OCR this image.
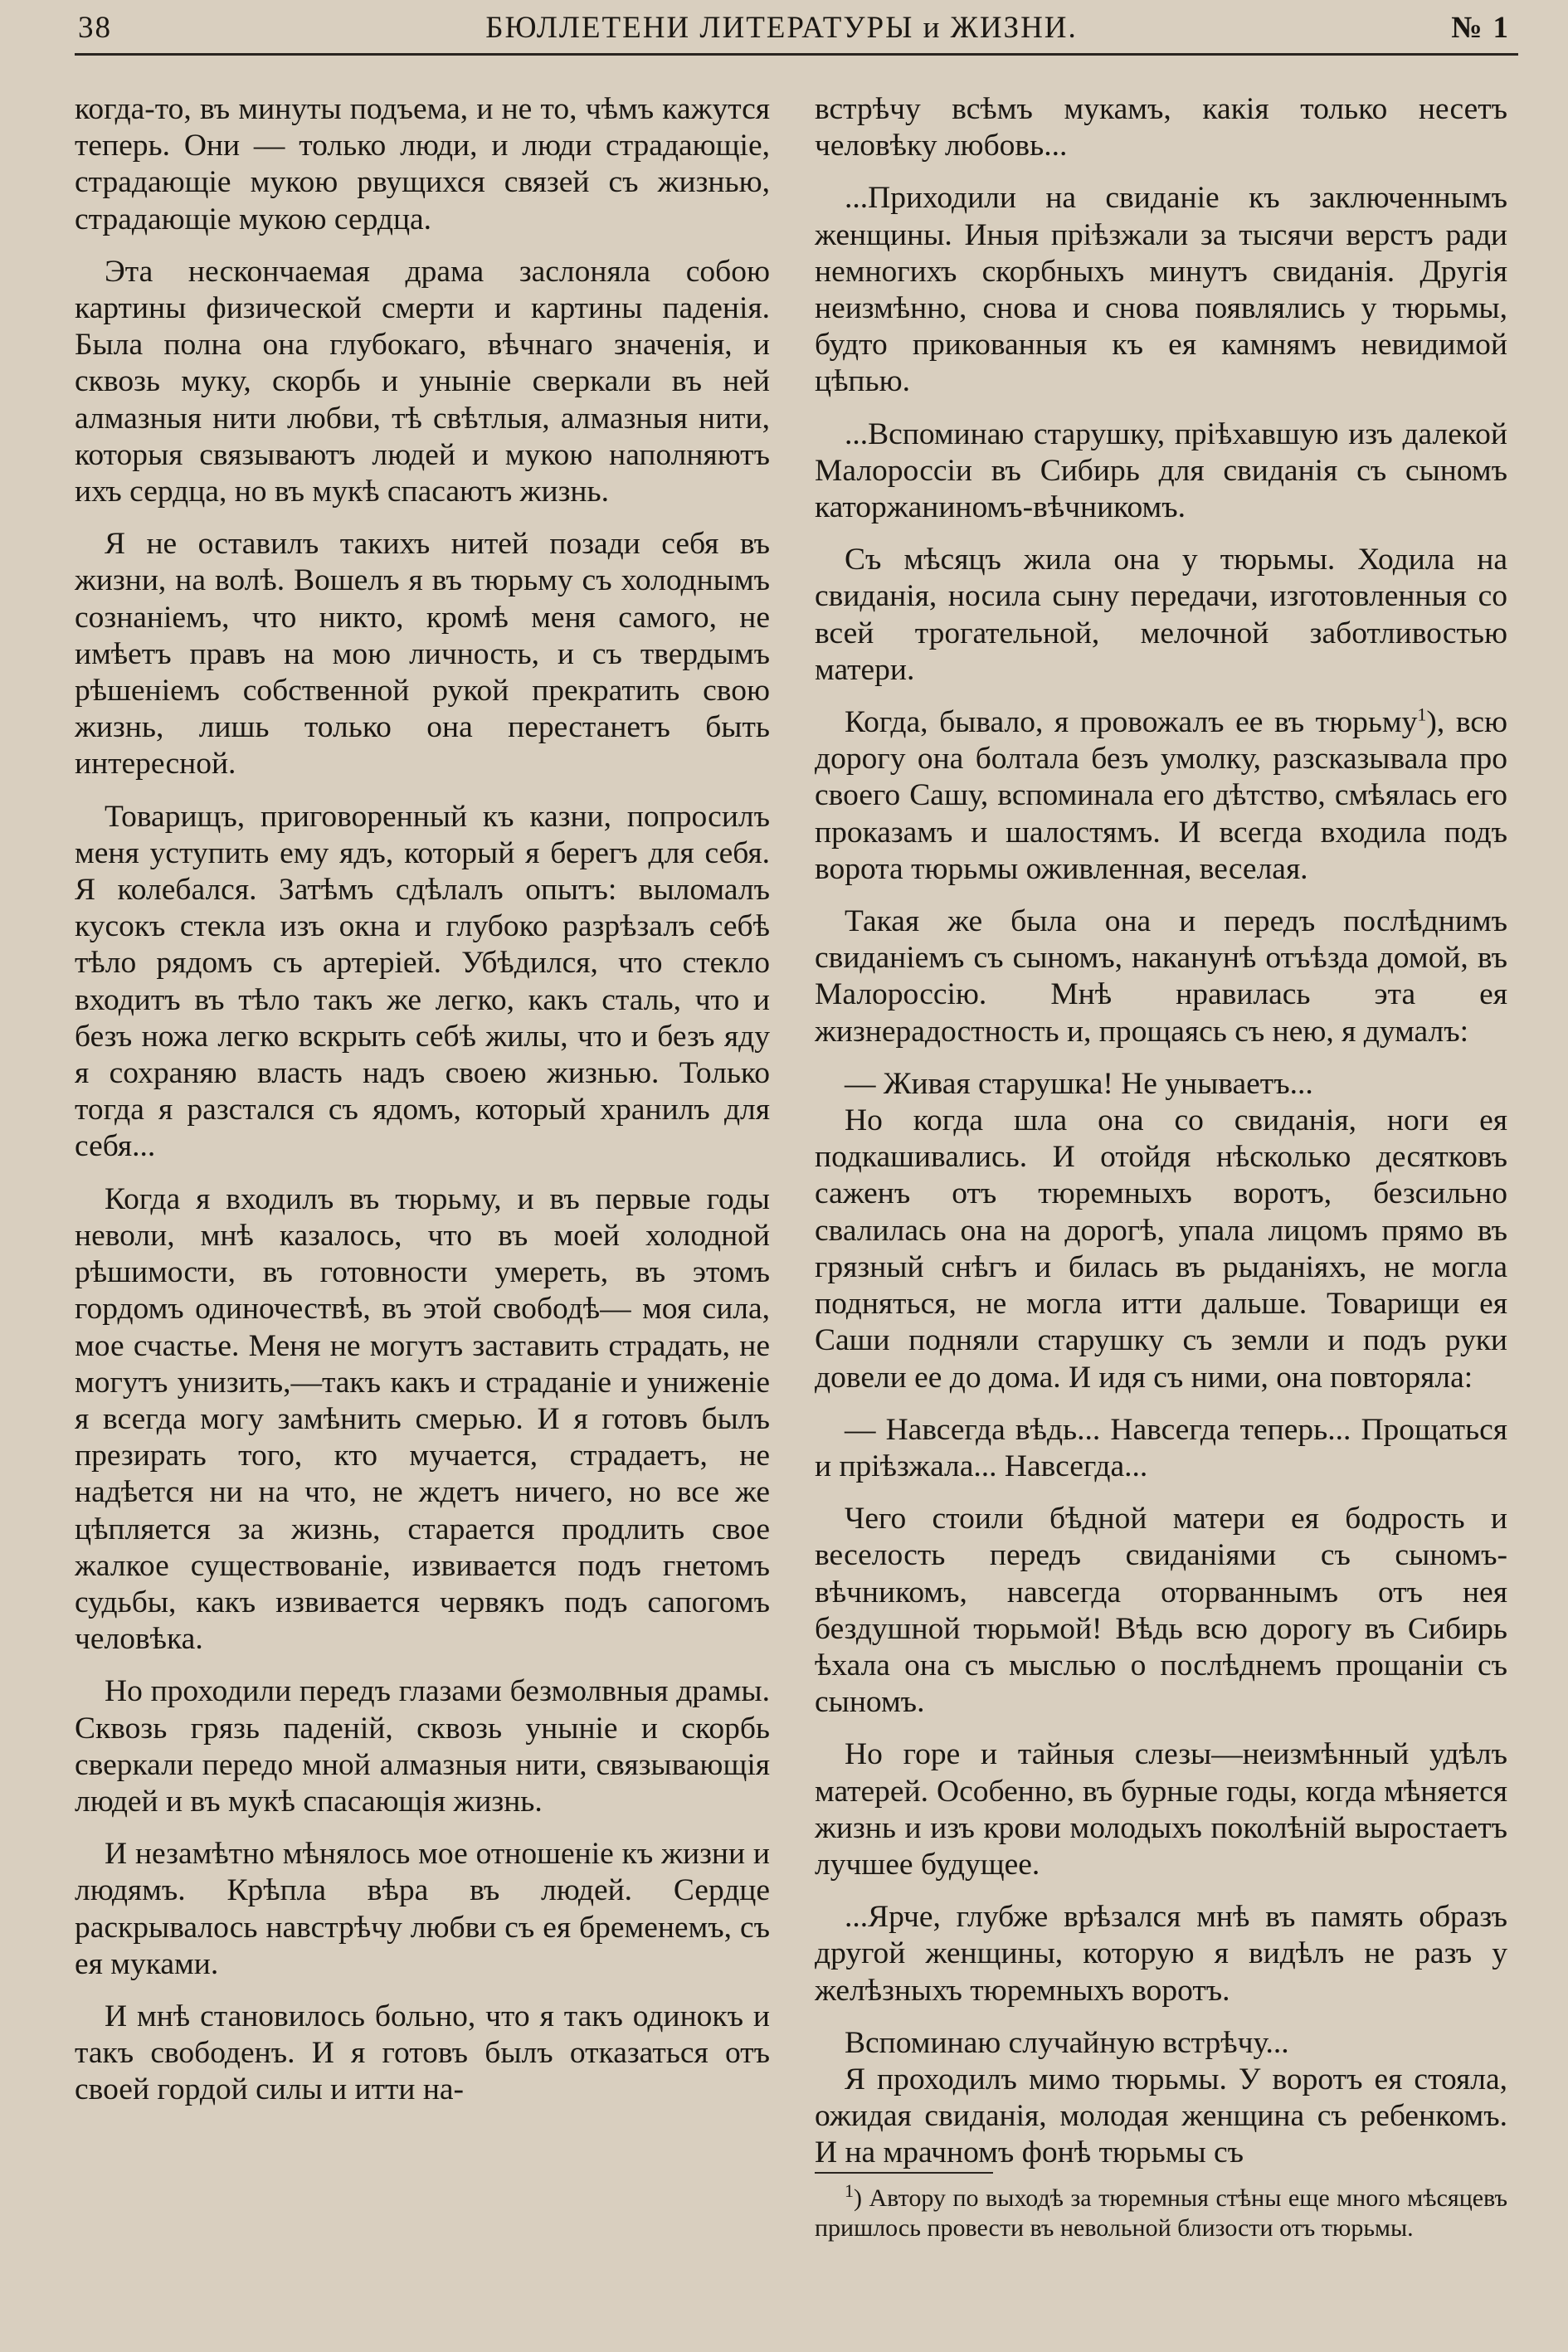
38	БЮЛЛЕТЕНИ ЛИТЕРАТУРЫ и ЖИЗНИ.	№ 1

когда-то, въ минуты подъема, и не то, чѣмъ кажутся теперь. Они — только люди, и люди страдающіе, страдающіе мукою рвущихся связей съ жизнью, страдающіе мукою сердца.

Эта нескончаемая драма заслоняла собою картины физической смерти и картины паденія. Была полна она глубокаго, вѣчнаго значенія, и сквозь муку, скорбь и уныніе сверкали въ ней алмазныя нити любви, тѣ свѣтлыя, алмазныя нити, которыя связываютъ людей и мукою наполняютъ ихъ сердца, но въ мукѣ спасаютъ жизнь.

Я не оставилъ такихъ нитей позади себя въ жизни, на волѣ. Вошелъ я въ тюрьму съ холоднымъ сознаніемъ, что никто, кромѣ меня самого, не имѣетъ правъ на мою личность, и съ твердымъ рѣшеніемъ собственной рукой прекратить свою жизнь, лишь только она перестанетъ быть интересной.

Товарищъ, приговоренный къ казни, попросилъ меня уступить ему ядъ, который я берегъ для себя. Я колебался. Затѣмъ сдѣлалъ опытъ: выломалъ кусокъ стекла изъ окна и глубоко разрѣзалъ себѣ тѣло рядомъ съ артеріей. Убѣдился, что стекло входитъ въ тѣло такъ же легко, какъ сталь, что и безъ ножа легко вскрыть себѣ жилы, что и безъ яду я сохраняю власть надъ своею жизнью. Только тогда я разстался съ ядомъ, который хранилъ для себя...

Когда я входилъ въ тюрьму, и въ первые годы неволи, мнѣ казалось, что въ моей холодной рѣшимости, въ готовности умереть, въ этомъ гордомъ одиночествѣ, въ этой свободѣ— моя сила, мое счастье. Меня не могутъ заставить страдать, не могутъ унизить,—такъ какъ и страданіе и униженіе я всегда могу замѣнить смерью. И я готовъ былъ презирать того, кто мучается, страдаетъ, не надѣется ни на что, не ждетъ ничего, но все же цѣпляется за жизнь, старается продлить свое жалкое существованіе, извивается подъ гнетомъ судьбы, какъ извивается червякъ подъ сапогомъ человѣка.

Но проходили передъ глазами безмолвныя драмы. Сквозь грязь паденій, сквозь уныніе и скорбь сверкали передо мной алмазныя нити, связывающія людей и въ мукѣ спасающія жизнь.

И незамѣтно мѣнялось мое отношеніе къ жизни и людямъ. Крѣпла вѣра въ людей. Сердце раскрывалось навстрѣчу любви съ ея бременемъ, съ ея муками.

И мнѣ становилось больно, что я такъ одинокъ и такъ свободенъ. И я готовъ былъ отказаться отъ своей гордой силы и итти на-

встрѣчу всѣмъ мукамъ, какія только несетъ человѣку любовь...

...Приходили на свиданіе къ заключеннымъ женщины. Иныя пріѣзжали за тысячи верстъ ради немногихъ скорбныхъ минутъ свиданія. Другія неизмѣнно, снова и снова появлялись у тюрьмы, будто прикованныя къ ея камнямъ невидимой цѣпью.

...Вспоминаю старушку, пріѣхавшую изъ далекой Малороссіи въ Сибирь для свиданія съ сыномъ каторжаниномъ-вѣчникомъ.

Съ мѣсяцъ жила она у тюрьмы. Ходила на свиданія, носила сыну передачи, изготовленныя со всей трогательной, мелочной заботливостью матери.

Когда, бывало, я провожалъ ее въ тюрьму$^1$), всю дорогу она болтала безъ умолку, разсказывала про своего Сашу, вспоминала его дѣтство, смѣялась его проказамъ и шалостямъ. И всегда входила подъ ворота тюрьмы оживленная, веселая.

Такая же была она и передъ послѣднимъ свиданіемъ съ сыномъ, наканунѣ отъѣзда домой, въ Малороссію. Мнѣ нравилась эта ея жизнерадостность и, прощаясь съ нею, я думалъ:

— Живая старушка! Не унываетъ...

Но когда шла она со свиданія, ноги ея подкашивались. И отойдя нѣсколько десятковъ саженъ отъ тюремныхъ воротъ, безсильно свалилась она на дорогѣ, упала лицомъ прямо въ грязный снѣгъ и билась въ рыданіяхъ, не могла подняться, не могла итти дальше. Товарищи ея Саши подняли старушку съ земли и подъ руки довели ее до дома. И идя съ ними, она повторяла:

— Навсегда вѣдь... Навсегда теперь... Прощаться и пріѣзжала... Навсегда...

Чего стоили бѣдной матери ея бодрость и веселость передъ свиданіями съ сыномъ-вѣчникомъ, навсегда оторваннымъ отъ нея бездушной тюрьмой! Вѣдь всю дорогу въ Сибирь ѣхала она съ мыслью о послѣднемъ прощаніи съ сыномъ.

Но горе и тайныя слезы—неизмѣнный удѣлъ матерей. Особенно, въ бурные годы, когда мѣняется жизнь и изъ крови молодыхъ поколѣній выростаетъ лучшее будущее.

...Ярче, глубже врѣзался мнѣ въ память образъ другой женщины, которую я видѣлъ не разъ у желѣзныхъ тюремныхъ воротъ.

Вспоминаю случайную встрѣчу...

Я проходилъ мимо тюрьмы. У воротъ ея стояла, ожидая свиданія, молодая женщина съ ребенкомъ. И на мрачномъ фонѣ тюрьмы съ

$^1$) Автору по выходѣ за тюремныя стѣны еще много мѣсяцевъ пришлось провести въ невольной близости отъ тюрьмы.
